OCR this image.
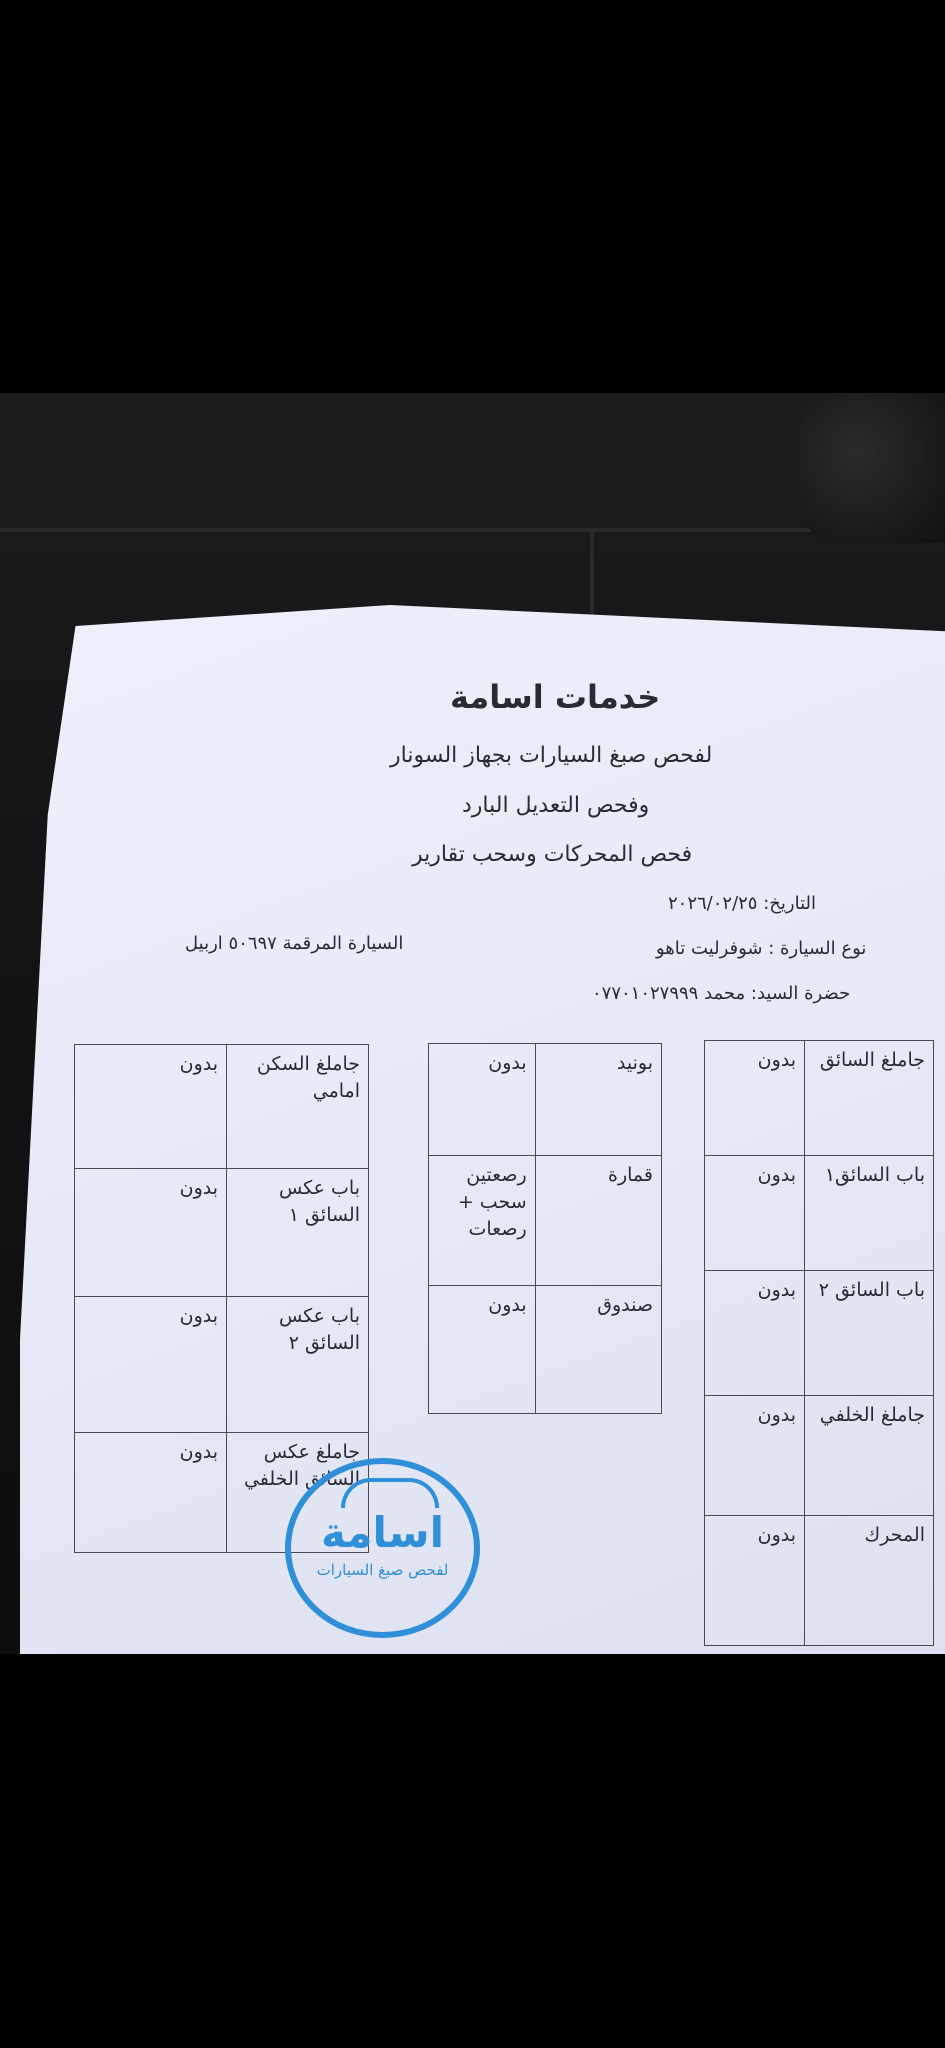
خدمات اسامة
لفحص صبغ السيارات بجهاز السونار
وفحص التعديل البارد
فحص المحركات وسحب تقارير
التاريخ: ٢٠٢٦/٠٢/٢٥
نوع السيارة : شوفرليت تاهو
السيارة المرقمة ٥٠٦٩٧ اربيل
حضرة السيد: محمد ٠٧٧٠١٠٢٧٩٩٩
جاملغ السائق	بدون
باب السائق١	بدون
باب السائق ٢	بدون
جاملغ الخلفي	بدون
المحرك	بدون
بونيد	بدون
قمارة	رصعتين سحب + رصعات
صندوق	بدون
جاملغ السكن امامي	بدون
باب عكس السائق ١	بدون
باب عكس السائق ٢	بدون
جاملغ عكس السائق الخلفي	بدون
اسامة
لفحص صبغ السيارات
